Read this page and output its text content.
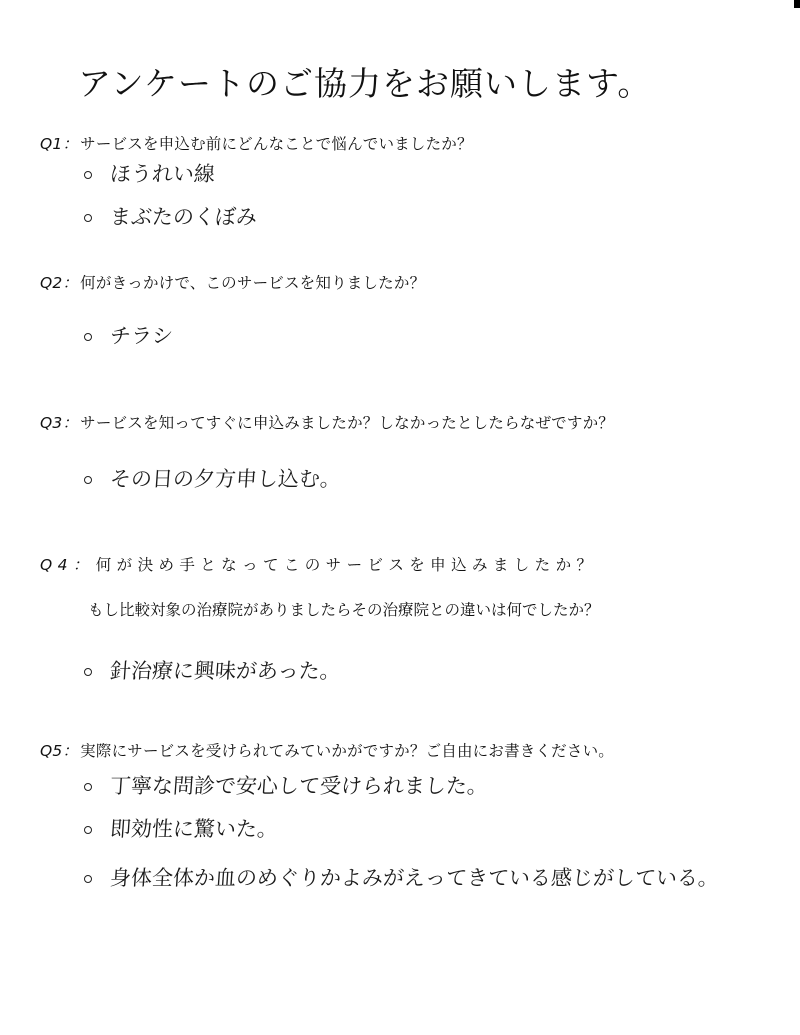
アンケートのご協力をお願いします。
Q1： サービスを申込む前にどんなことで悩んでいましたか？
ほうれい線
まぶたのくぼみ
Q2： 何がきっかけで、このサービスを知りましたか？
チラシ
Q3： サービスを知ってすぐに申込みましたか？しなかったとしたらなぜですか？
その日の夕方申し込む。
Q4： 何が決め手となってこのサービスを申込みましたか？
もし比較対象の治療院がありましたらその治療院との違いは何でしたか？
針治療に興味があった。
Q5： 実際にサービスを受けられてみていかがですか？ご自由にお書きください。
丁寧な問診で安心して受けられました。
即効性に驚いた。
身体全体か血のめぐりかよみがえってきている感じがしている。
